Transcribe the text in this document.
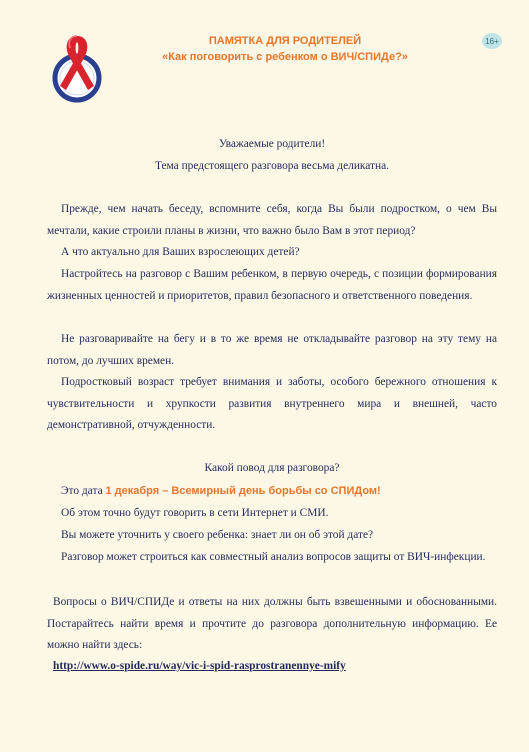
ПАМЯТКА ДЛЯ РОДИТЕЛЕЙ
«Как поговорить с ребенком о ВИЧ/СПИДе?»
16+
Уважаемые родители!
Тема предстоящего разговора весьма деликатна.
Прежде, чем начать беседу, вспомните себя, когда Вы были подростком, о чем Вы мечтали, какие строили планы в жизни, что важно было Вам в этот период?
А что актуально для Ваших взрослеющих детей?
Настройтесь на разговор с Вашим ребенком, в первую очередь, с позиции формирования жизненных ценностей и приоритетов, правил безопасного и ответственного поведения.
Не разговаривайте на бегу и в то же время не откладывайте разговор на эту тему на потом, до лучших времен.
Подростковый возраст требует внимания и заботы, особого бережного отношения к чувствительности и хрупкости развития внутреннего мира и внешней, часто демонстративной, отчужденности.
Какой повод для разговора?
Это дата 1 декабря – Всемирный день борьбы со СПИДом!
Об этом точно будут говорить в сети Интернет и СМИ.
Вы можете уточнить у своего ребенка: знает ли он об этой дате?
Разговор может строиться как совместный анализ вопросов защиты от ВИЧ-инфекции.
Вопросы о ВИЧ/СПИДе и ответы на них должны быть взвешенными и обоснованными. Постарайтесь найти время и прочтите до разговора дополнительную информацию. Ее можно найти здесь:
http://www.o-spide.ru/way/vic-i-spid-rasprostranennye-mify
